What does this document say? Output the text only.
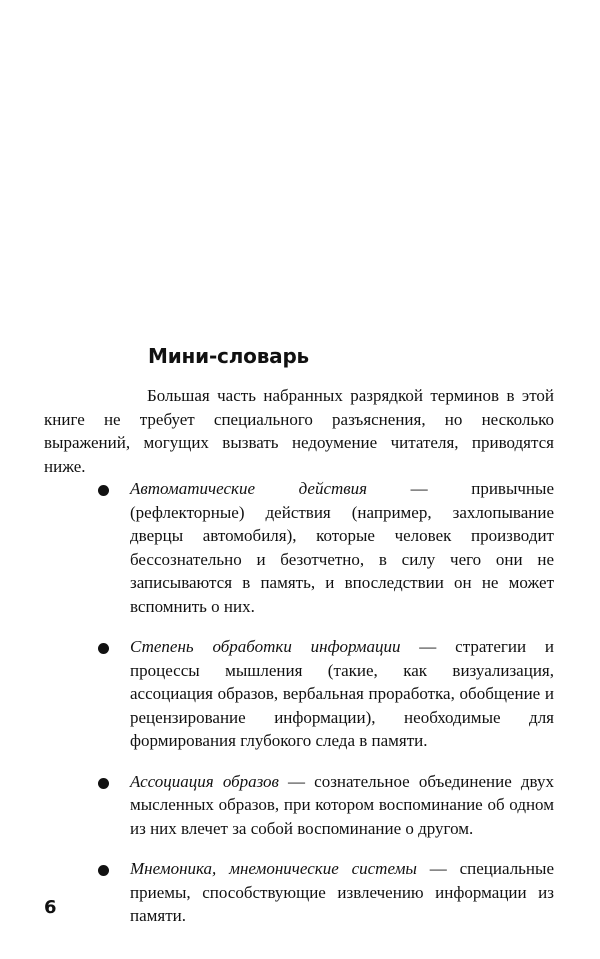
Мини-словарь

Большая часть набранных разрядкой терминов в этой книге не требует специального разъяснения, но несколько выражений, могущих вызвать недоумение читателя, приводятся ниже.

Автоматические действия — привычные (рефлекторные) действия (например, захлопывание дверцы автомобиля), которые человек производит бессознательно и безотчетно, в силу чего они не записываются в память, и впоследствии он не может вспомнить о них.
Степень обработки информации — стратегии и процессы мышления (такие, как визуализация, ассоциация образов, вербальная проработка, обобщение и рецензирование информации), необходимые для формирования глубокого следа в памяти.
Ассоциация образов — сознательное объединение двух мысленных образов, при котором воспоминание об одном из них влечет за собой воспоминание о другом.
Мнемоника, мнемонические системы — специальные приемы, способствующие извлечению информации из памяти.
6
